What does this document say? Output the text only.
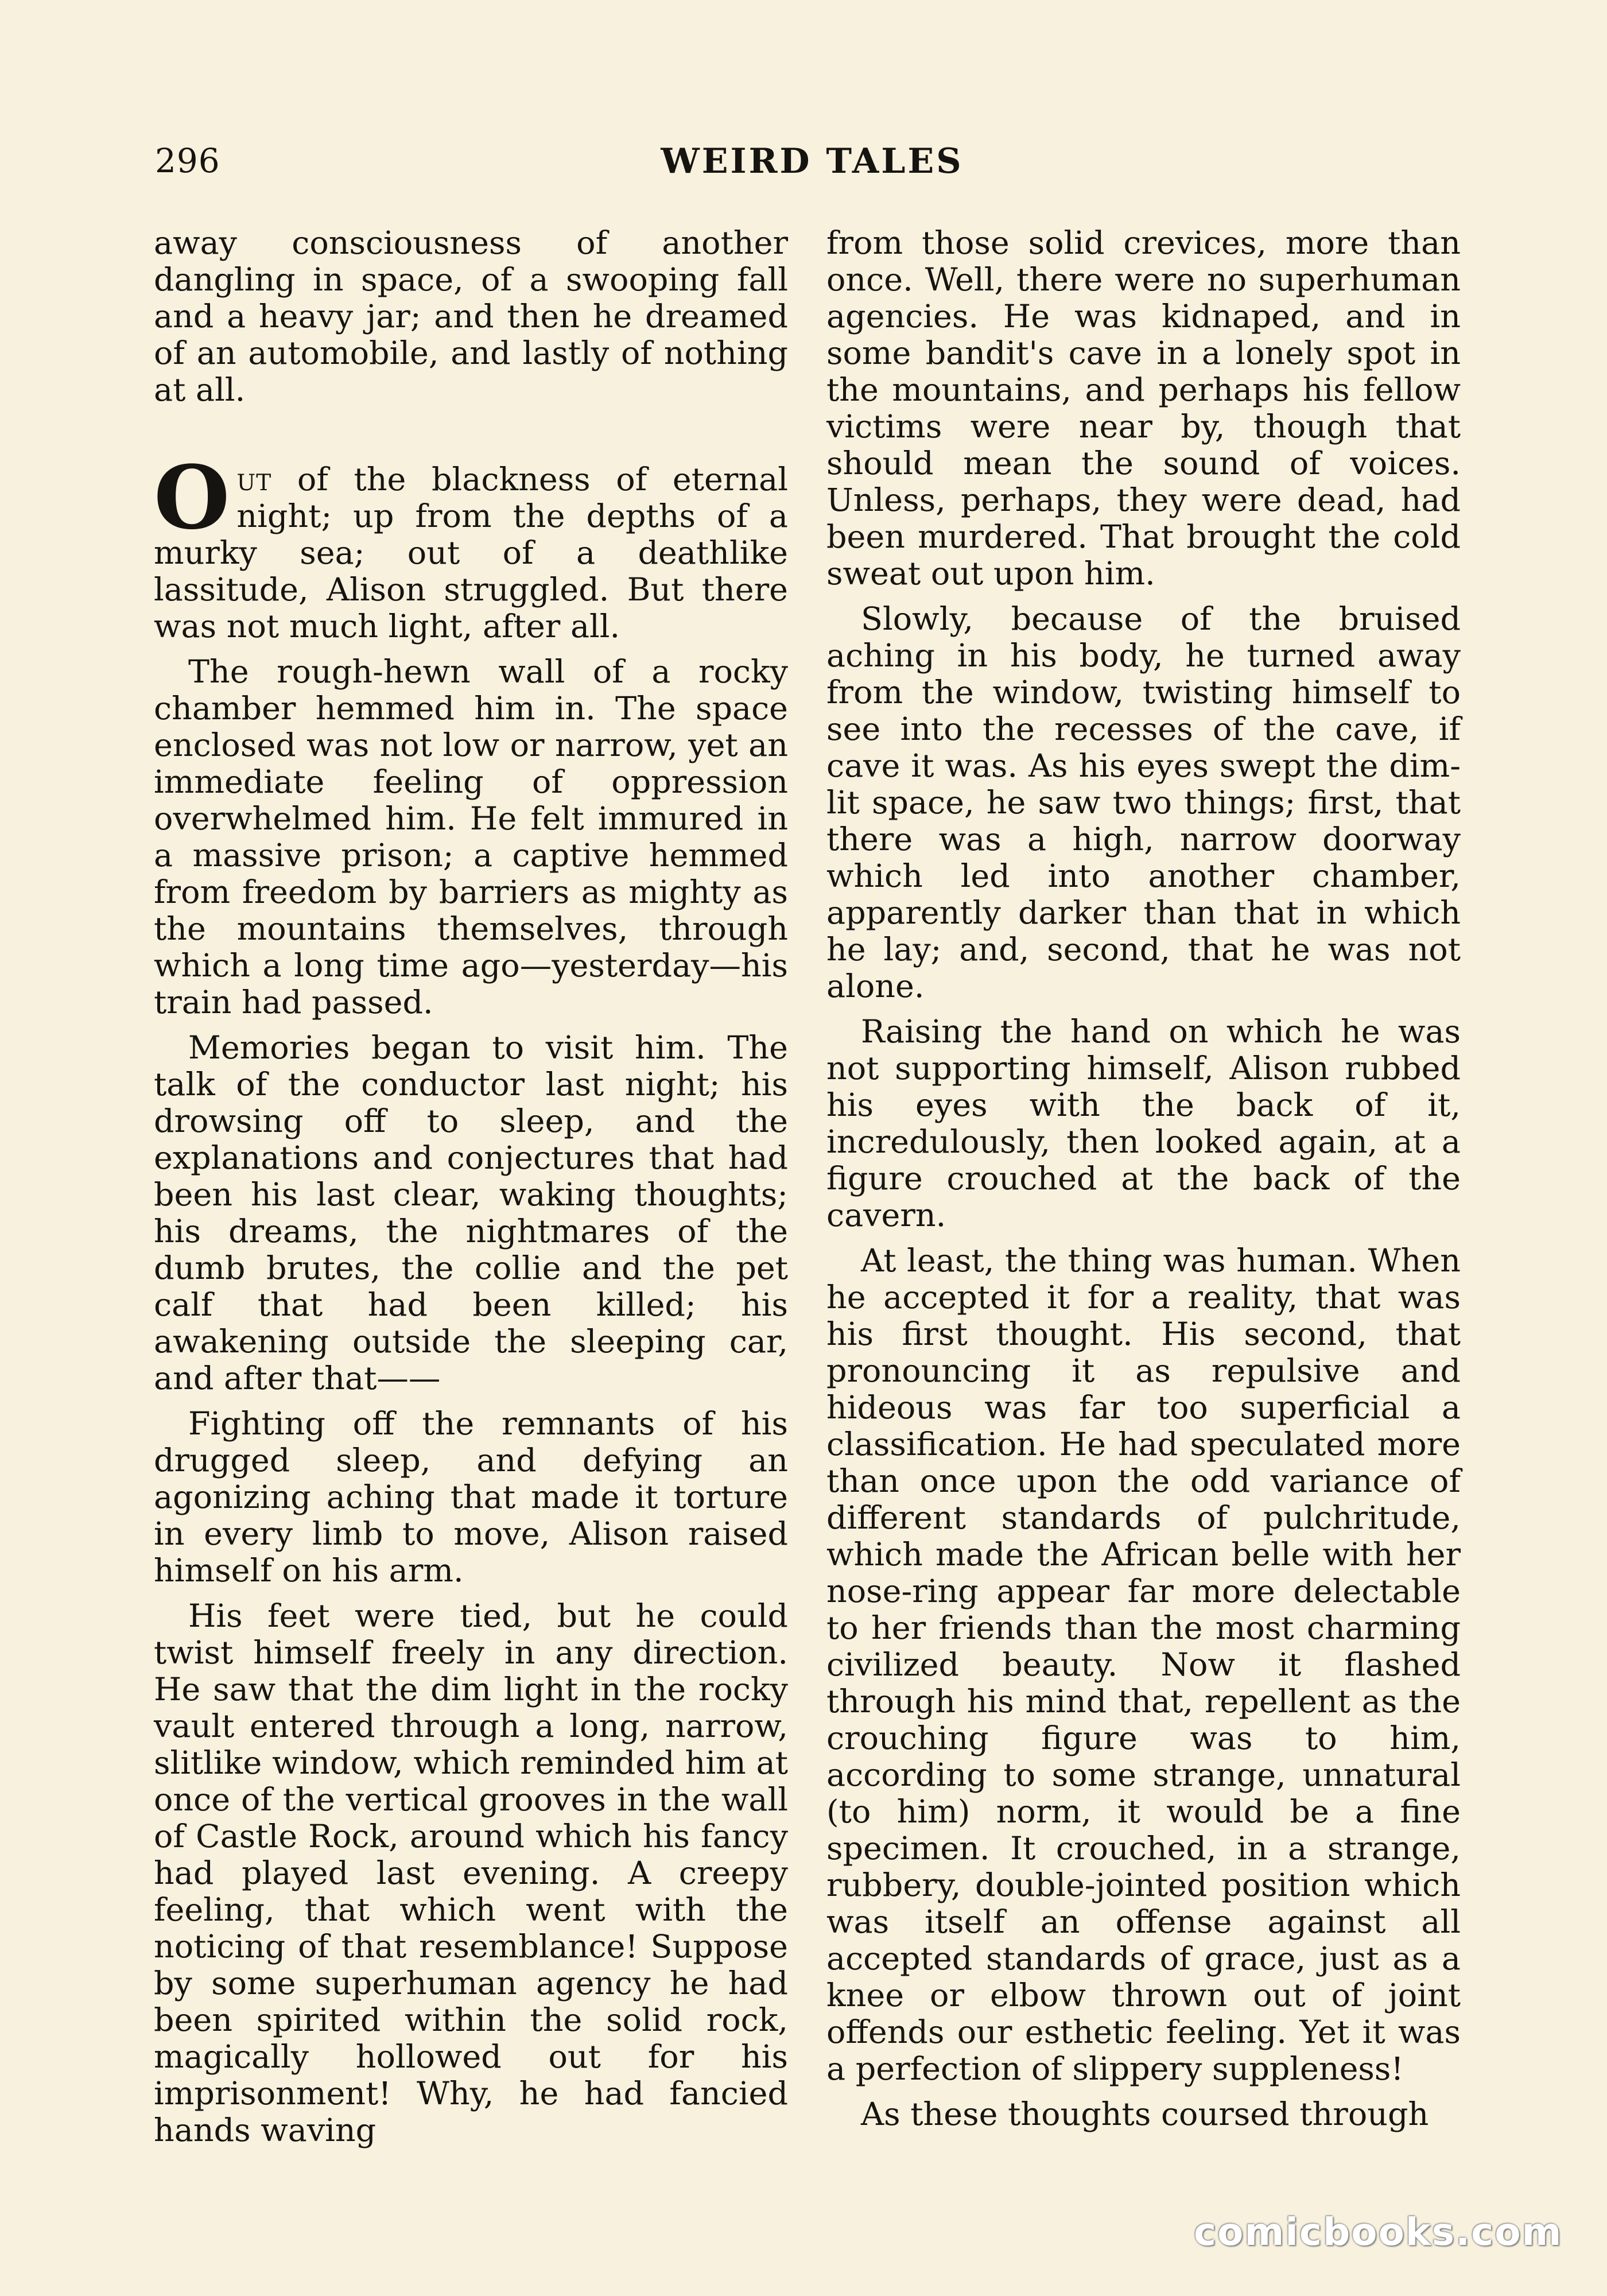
296	WEIRD TALES

away consciousness of another dangling in space, of a swooping fall and a heavy jar; and then he dreamed of an automobile, and lastly of nothing at all.

Out of the blackness of eternal night; up from the depths of a murky sea; out of a deathlike lassitude, Alison struggled. But there was not much light, after all.

The rough-hewn wall of a rocky chamber hemmed him in. The space enclosed was not low or narrow, yet an immediate feeling of oppression overwhelmed him. He felt immured in a massive prison; a captive hemmed from freedom by barriers as mighty as the mountains themselves, through which a long time ago—yesterday—his train had passed.

Memories began to visit him. The talk of the conductor last night; his drowsing off to sleep, and the explanations and conjectures that had been his last clear, waking thoughts; his dreams, the nightmares of the dumb brutes, the collie and the pet calf that had been killed; his awakening outside the sleeping car, and after that——

Fighting off the remnants of his drugged sleep, and defying an agonizing aching that made it torture in every limb to move, Alison raised himself on his arm.

His feet were tied, but he could twist himself freely in any direction. He saw that the dim light in the rocky vault entered through a long, narrow, slitlike window, which reminded him at once of the vertical grooves in the wall of Castle Rock, around which his fancy had played last evening. A creepy feeling, that which went with the noticing of that resemblance! Suppose by some superhuman agency he had been spirited within the solid rock, magically hollowed out for his imprisonment! Why, he had fancied hands waving

from those solid crevices, more than once. Well, there were no superhuman agencies. He was kidnaped, and in some bandit's cave in a lonely spot in the mountains, and perhaps his fellow victims were near by, though that should mean the sound of voices. Unless, perhaps, they were dead, had been murdered. That brought the cold sweat out upon him.

Slowly, because of the bruised aching in his body, he turned away from the window, twisting himself to see into the recesses of the cave, if cave it was. As his eyes swept the dim-lit space, he saw two things; first, that there was a high, narrow doorway which led into another chamber, apparently darker than that in which he lay; and, second, that he was not alone.

Raising the hand on which he was not supporting himself, Alison rubbed his eyes with the back of it, incredulously, then looked again, at a figure crouched at the back of the cavern.

At least, the thing was human. When he accepted it for a reality, that was his first thought. His second, that pronouncing it as repulsive and hideous was far too superficial a classification. He had speculated more than once upon the odd variance of different standards of pulchritude, which made the African belle with her nose-ring appear far more delectable to her friends than the most charming civilized beauty. Now it flashed through his mind that, repellent as the crouching figure was to him, according to some strange, unnatural (to him) norm, it would be a fine specimen. It crouched, in a strange, rubbery, double-jointed position which was itself an offense against all accepted standards of grace, just as a knee or elbow thrown out of joint offends our esthetic feeling. Yet it was a perfection of slippery suppleness!

As these thoughts coursed through

comicbooks.com
